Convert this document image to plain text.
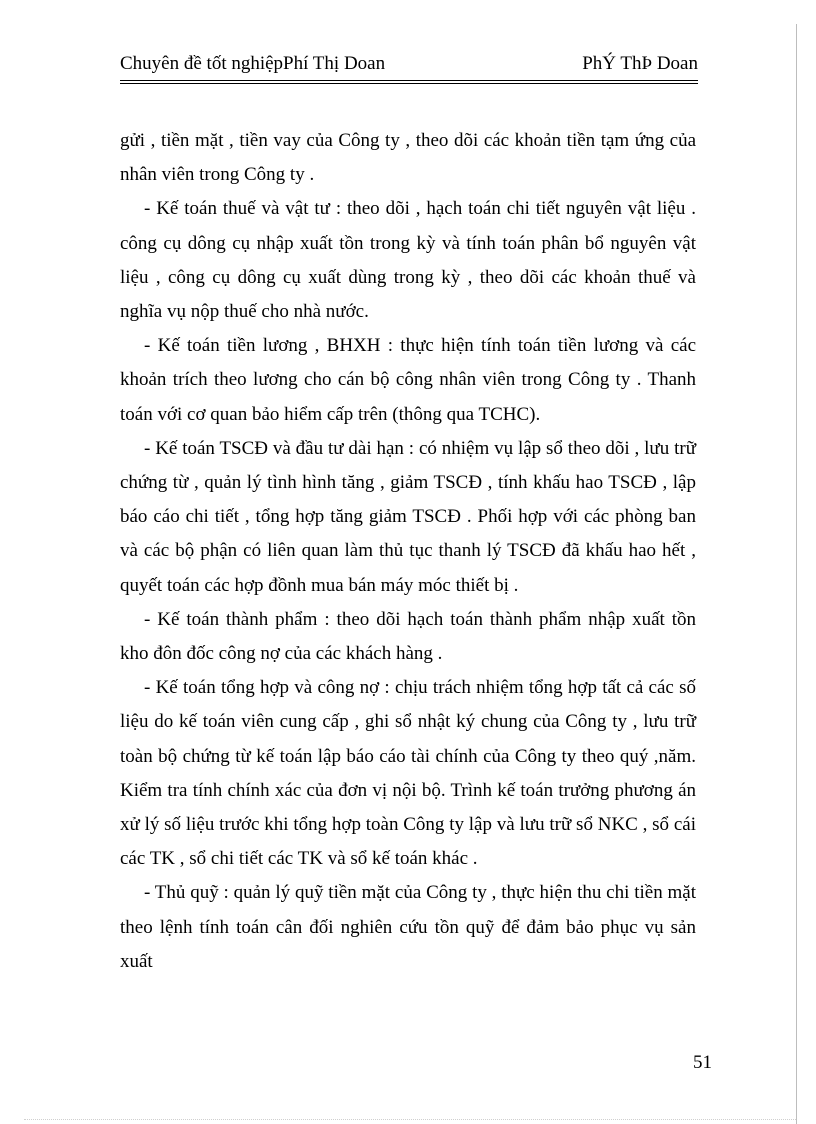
Chuyên đề tốt nghiệpPhí Thị Doan	PhÝ ThÞ Doan

gửi , tiền mặt , tiền vay của Công ty , theo dõi các khoản tiền tạm ứng của nhân viên trong Công ty .

- Kế toán thuế và vật tư : theo dõi , hạch toán chi tiết nguyên vật liệu . công cụ dông cụ nhập xuất tồn trong kỳ và tính toán phân bổ nguyên vật liệu , công cụ dông cụ xuất dùng trong kỳ , theo dõi các khoản thuế và nghĩa vụ nộp thuế cho nhà nước.

- Kế toán tiền lương , BHXH : thực hiện tính toán tiền lương và các khoản trích theo lương cho cán bộ công nhân viên trong Công ty . Thanh toán với cơ quan bảo hiểm cấp trên (thông qua TCHC).

- Kế toán TSCĐ và đầu tư dài hạn : có nhiệm vụ lập sổ theo dõi , lưu trữ chứng từ , quản lý tình hình tăng , giảm TSCĐ , tính khấu hao TSCĐ , lập báo cáo chi tiết , tổng hợp tăng giảm TSCĐ . Phối hợp với các phòng ban và các bộ phận có liên quan làm thủ tục thanh lý TSCĐ đã khấu hao hết , quyết toán các hợp đồnh mua bán máy móc thiết bị .

- Kế toán thành phẩm : theo dõi hạch toán thành phẩm nhập xuất tồn kho đôn đốc công nợ của các khách hàng .

- Kế toán tổng hợp và công nợ : chịu trách nhiệm tổng hợp tất cả các số liệu do kế toán viên cung cấp , ghi sổ nhật ký chung của Công ty , lưu trữ toàn bộ chứng từ kế toán lập báo cáo tài chính của Công ty theo quý ,năm. Kiểm tra tính chính xác của đơn vị nội bộ. Trình kế toán trưởng phương án xử lý số liệu trước khi tổng hợp toàn Công ty lập và lưu trữ sổ NKC , sổ cái các TK , sổ chi tiết các TK và sổ kế toán khác .

- Thủ quỹ : quản lý quỹ tiền mặt của Công ty , thực hiện thu chi tiền mặt theo lệnh tính toán cân đối nghiên cứu tồn quỹ để đảm bảo phục vụ sản xuất

51
